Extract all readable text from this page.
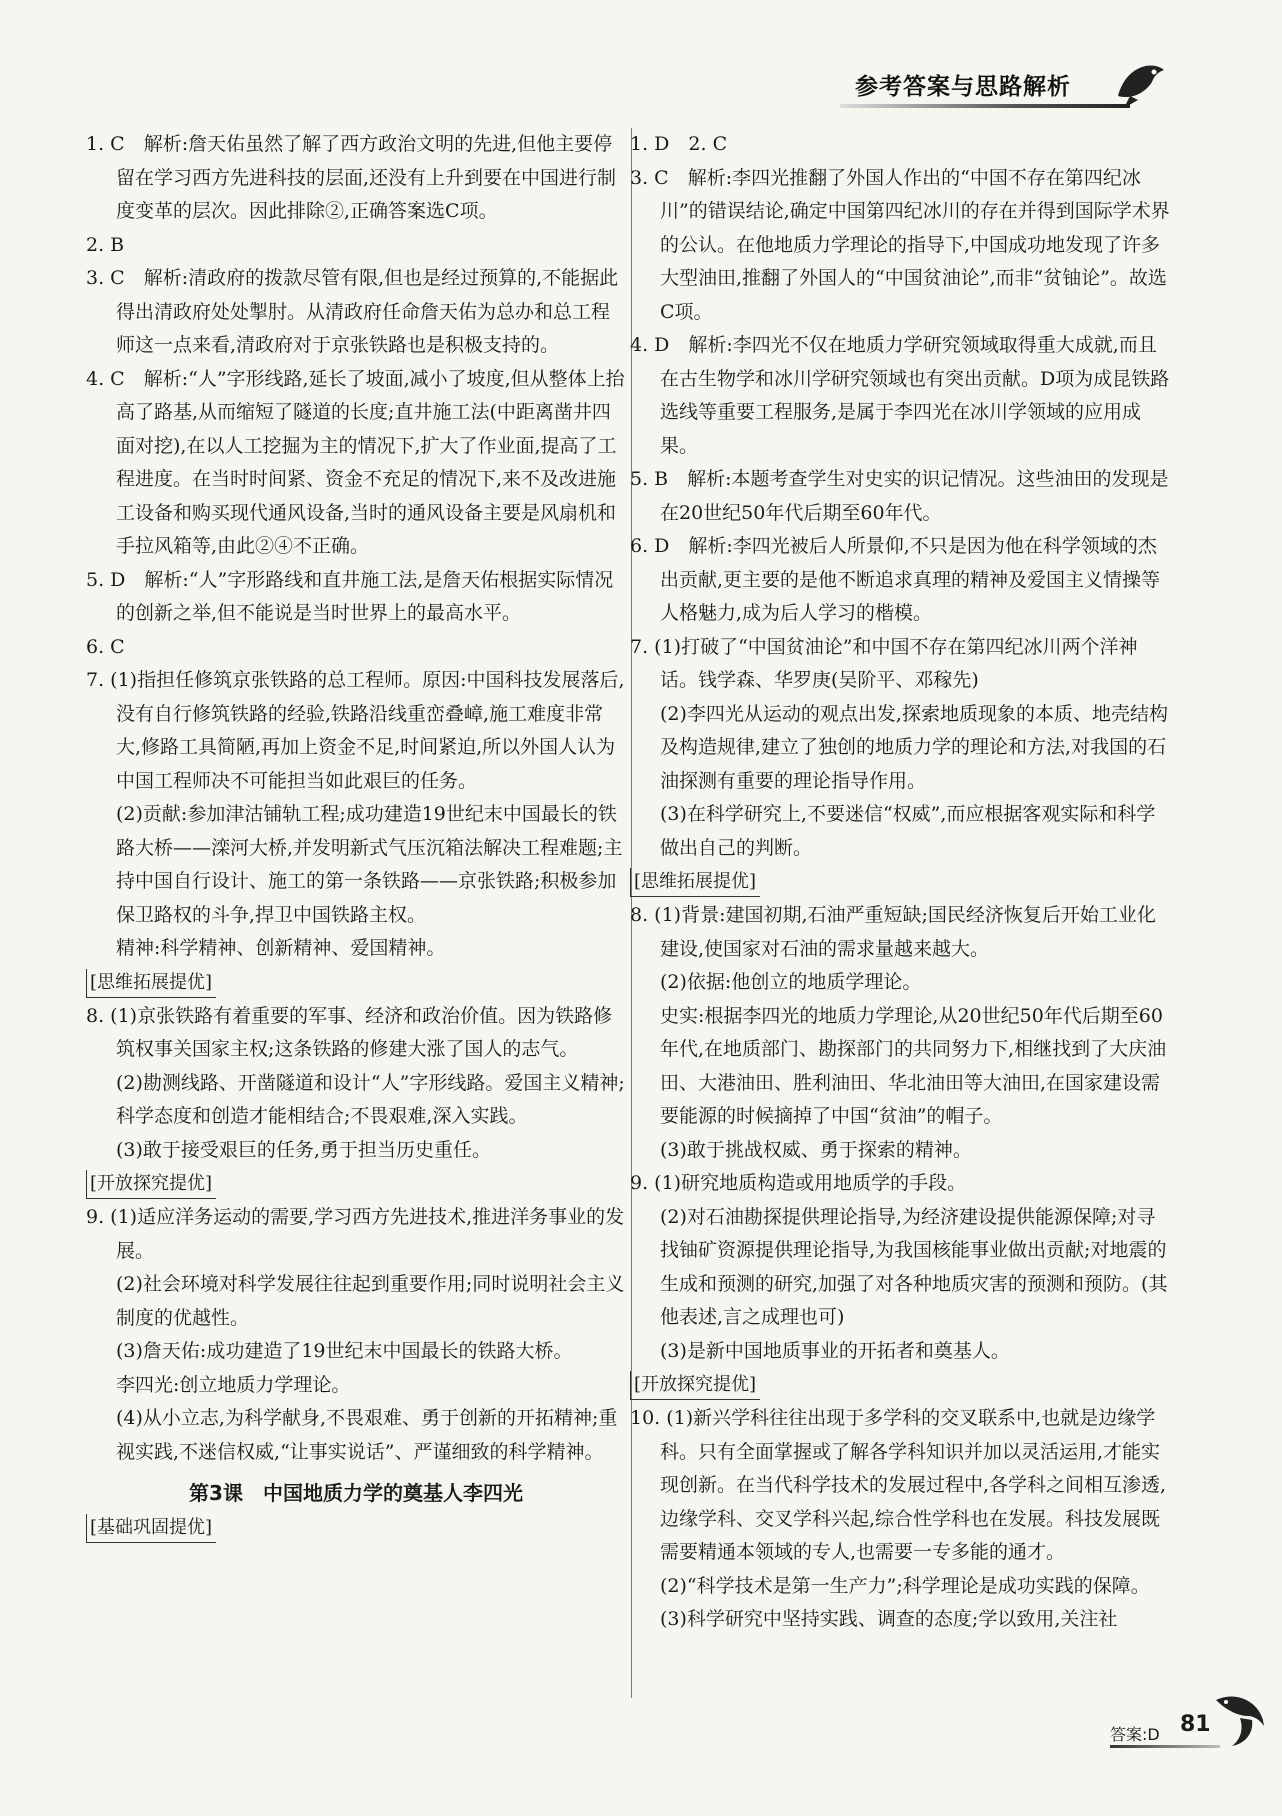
参考答案与思路解析

1. C　解析:詹天佑虽然了解了西方政治文明的先进,但他主要停留在学习西方先进科技的层面,还没有上升到要在中国进行制度变革的层次。因此排除②,正确答案选C项。

2. B

3. C　解析:清政府的拨款尽管有限,但也是经过预算的,不能据此得出清政府处处掣肘。从清政府任命詹天佑为总办和总工程师这一点来看,清政府对于京张铁路也是积极支持的。

4. C　解析:“人”字形线路,延长了坡面,减小了坡度,但从整体上抬高了路基,从而缩短了隧道的长度;直井施工法(中距离凿井四面对挖),在以人工挖掘为主的情况下,扩大了作业面,提高了工程进度。在当时时间紧、资金不充足的情况下,来不及改进施工设备和购买现代通风设备,当时的通风设备主要是风扇机和手拉风箱等,由此②④不正确。

5. D　解析:“人”字形路线和直井施工法,是詹天佑根据实际情况的创新之举,但不能说是当时世界上的最高水平。

6. C

7. (1)指担任修筑京张铁路的总工程师。原因:中国科技发展落后,没有自行修筑铁路的经验,铁路沿线重峦叠嶂,施工难度非常大,修路工具简陋,再加上资金不足,时间紧迫,所以外国人认为中国工程师决不可能担当如此艰巨的任务。

(2)贡献:参加津沽铺轨工程;成功建造19世纪末中国最长的铁路大桥——滦河大桥,并发明新式气压沉箱法解决工程难题;主持中国自行设计、施工的第一条铁路——京张铁路;积极参加保卫路权的斗争,捍卫中国铁路主权。

精神:科学精神、创新精神、爱国精神。

[思维拓展提优]

8. (1)京张铁路有着重要的军事、经济和政治价值。因为铁路修筑权事关国家主权;这条铁路的修建大涨了国人的志气。

(2)勘测线路、开凿隧道和设计“人”字形线路。爱国主义精神;科学态度和创造才能相结合;不畏艰难,深入实践。

(3)敢于接受艰巨的任务,勇于担当历史重任。

[开放探究提优]

9. (1)适应洋务运动的需要,学习西方先进技术,推进洋务事业的发展。

(2)社会环境对科学发展往往起到重要作用;同时说明社会主义制度的优越性。

(3)詹天佑:成功建造了19世纪末中国最长的铁路大桥。

李四光:创立地质力学理论。

(4)从小立志,为科学献身,不畏艰难、勇于创新的开拓精神;重视实践,不迷信权威,“让事实说话”、严谨细致的科学精神。

第3课　中国地质力学的奠基人李四光

[基础巩固提优]

1. D　2. C

3. C　解析:李四光推翻了外国人作出的“中国不存在第四纪冰川”的错误结论,确定中国第四纪冰川的存在并得到国际学术界的公认。在他地质力学理论的指导下,中国成功地发现了许多大型油田,推翻了外国人的“中国贫油论”,而非“贫铀论”。故选C项。

4. D　解析:李四光不仅在地质力学研究领域取得重大成就,而且在古生物学和冰川学研究领域也有突出贡献。D项为成昆铁路选线等重要工程服务,是属于李四光在冰川学领域的应用成果。

5. B　解析:本题考查学生对史实的识记情况。这些油田的发现是在20世纪50年代后期至60年代。

6. D　解析:李四光被后人所景仰,不只是因为他在科学领域的杰出贡献,更主要的是他不断追求真理的精神及爱国主义情操等人格魅力,成为后人学习的楷模。

7. (1)打破了“中国贫油论”和中国不存在第四纪冰川两个洋神话。钱学森、华罗庚(吴阶平、邓稼先)

(2)李四光从运动的观点出发,探索地质现象的本质、地壳结构及构造规律,建立了独创的地质力学的理论和方法,对我国的石油探测有重要的理论指导作用。

(3)在科学研究上,不要迷信“权威”,而应根据客观实际和科学做出自己的判断。

[思维拓展提优]

8. (1)背景:建国初期,石油严重短缺;国民经济恢复后开始工业化建设,使国家对石油的需求量越来越大。

(2)依据:他创立的地质学理论。

史实:根据李四光的地质力学理论,从20世纪50年代后期至60年代,在地质部门、勘探部门的共同努力下,相继找到了大庆油田、大港油田、胜利油田、华北油田等大油田,在国家建设需要能源的时候摘掉了中国“贫油”的帽子。

(3)敢于挑战权威、勇于探索的精神。

9. (1)研究地质构造或用地质学的手段。

(2)对石油勘探提供理论指导,为经济建设提供能源保障;对寻找铀矿资源提供理论指导,为我国核能事业做出贡献;对地震的生成和预测的研究,加强了对各种地质灾害的预测和预防。(其他表述,言之成理也可)

(3)是新中国地质事业的开拓者和奠基人。

[开放探究提优]

10. (1)新兴学科往往出现于多学科的交叉联系中,也就是边缘学科。只有全面掌握或了解各学科知识并加以灵活运用,才能实现创新。在当代科学技术的发展过程中,各学科之间相互渗透,边缘学科、交叉学科兴起,综合性学科也在发展。科技发展既需要精通本领域的专人,也需要一专多能的通才。

(2)“科学技术是第一生产力”;科学理论是成功实践的保障。

(3)科学研究中坚持实践、调查的态度;学以致用,关注社

答案:D 81
